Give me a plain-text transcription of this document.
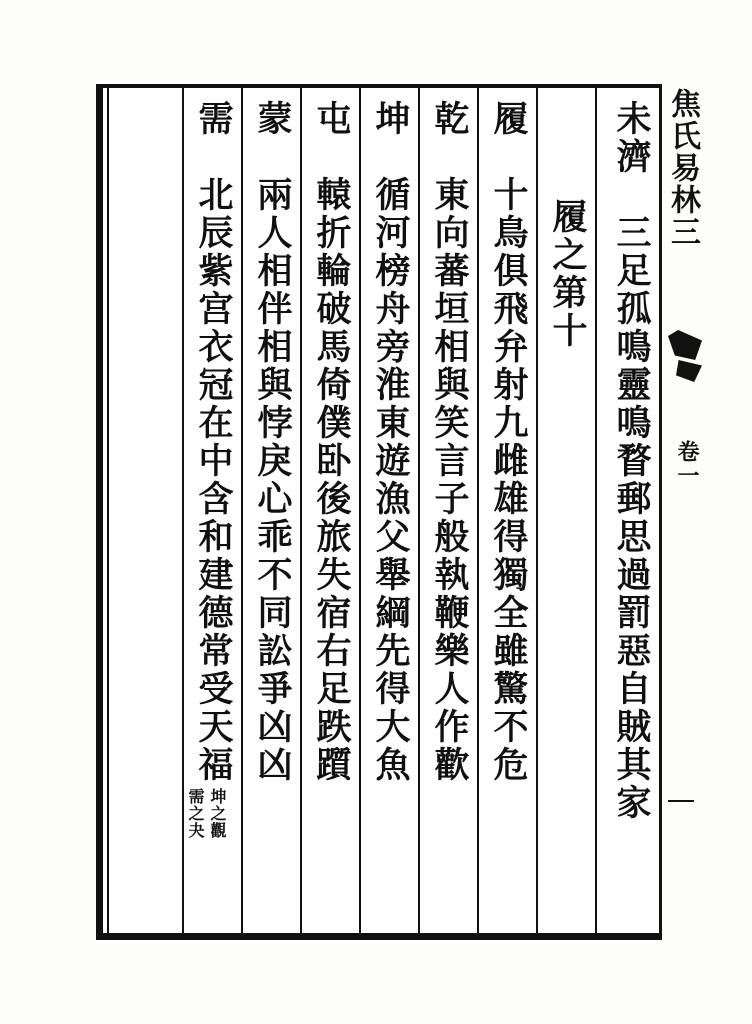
焦氏易林三
卷一
未濟　三足孤鳴靈鳴瞀郵思過罰惡自賊其家
履之第十
履　十鳥俱飛弁射九雌雄得獨全雖驚不危
乾　東向蕃垣相與笑言子般執鞭樂人作歡
坤　循河榜舟旁淮東遊漁父舉綱先得大魚
屯　轅折輪破馬倚僕卧後旅失宿右足跌躓
蒙　兩人相伴相與悖戾心乖不同訟爭凶凶
需　北辰紫宫衣冠在中含和建德常受天福
需之夬 坤之觀
